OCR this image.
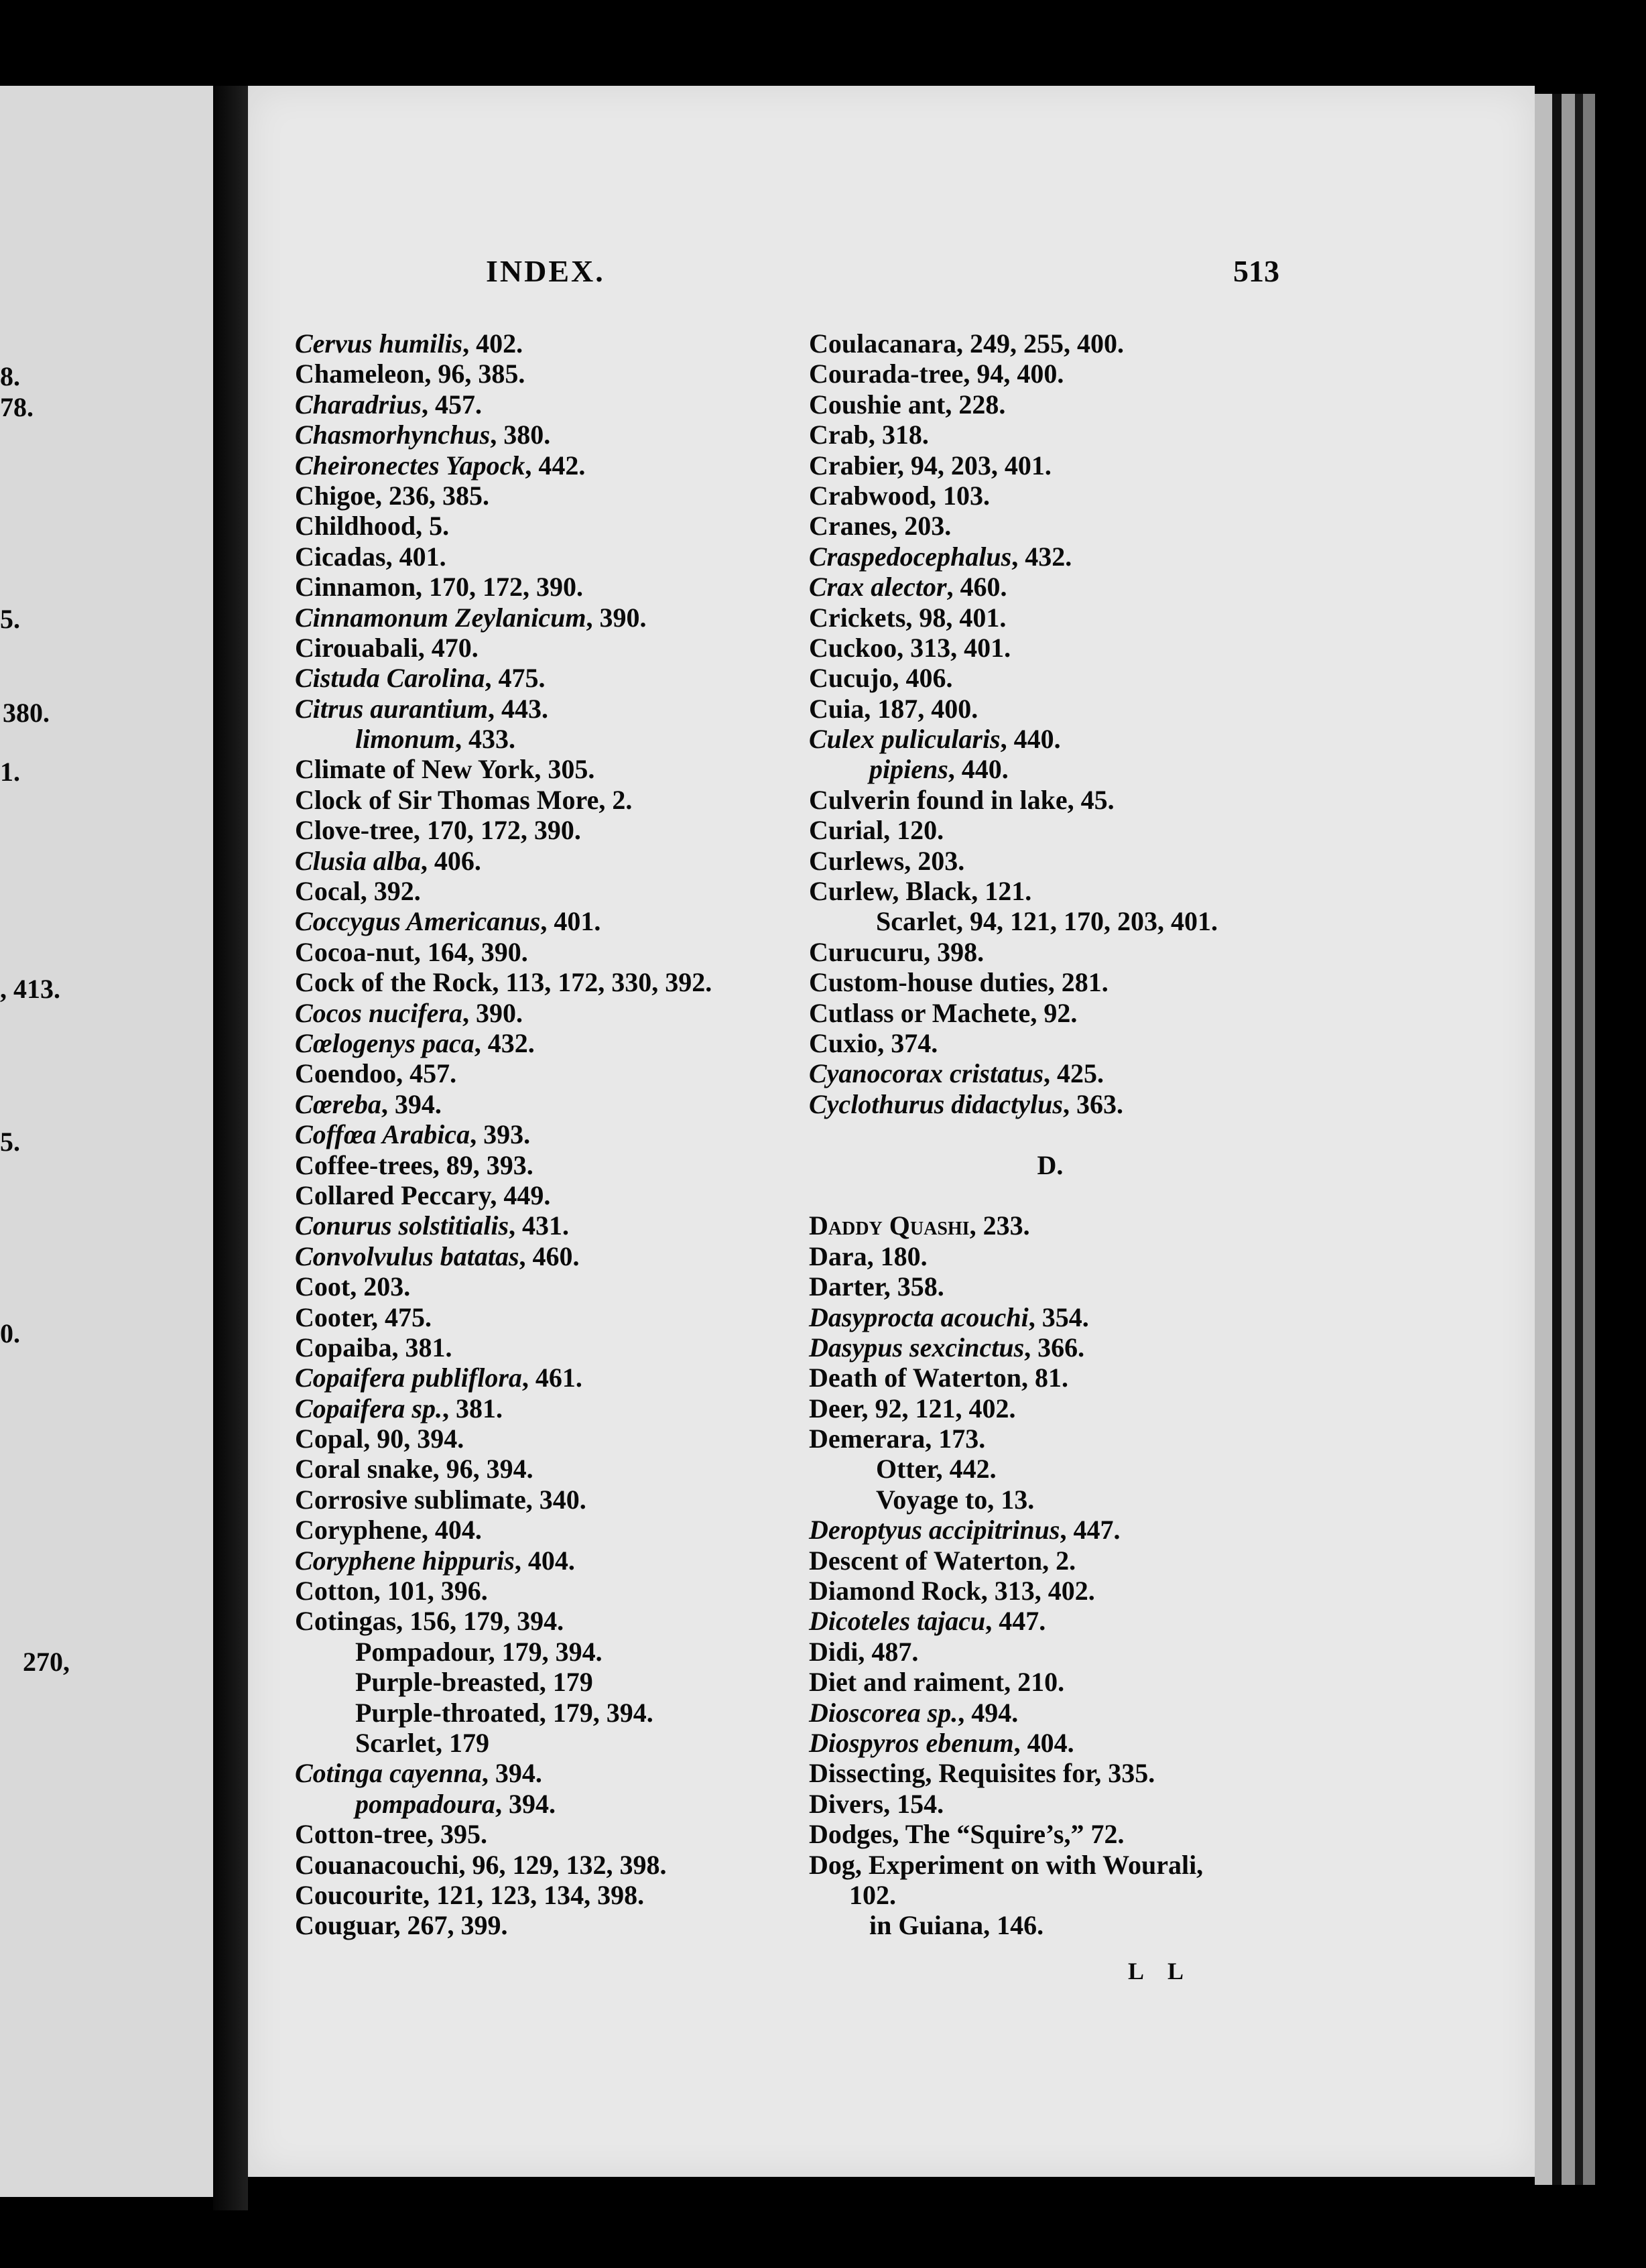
8.
78.
5.
380.
1.
, 413.
5.
0.
270,
INDEX.	513
Cervus humilis, 402.
Chameleon, 96, 385.
Charadrius, 457.
Chasmorhynchus, 380.
Cheironectes Yapock, 442.
Chigoe, 236, 385.
Childhood, 5.
Cicadas, 401.
Cinnamon, 170, 172, 390.
Cinnamonum Zeylanicum, 390.
Cirouabali, 470.
Cistuda Carolina, 475.
Citrus aurantium, 443.
limonum, 433.
Climate of New York, 305.
Clock of Sir Thomas More, 2.
Clove-tree, 170, 172, 390.
Clusia alba, 406.
Cocal, 392.
Coccygus Americanus, 401.
Cocoa-nut, 164, 390.
Cock of the Rock, 113, 172, 330, 392.
Cocos nucifera, 390.
Cœlogenys paca, 432.
Coendoo, 457.
Cœreba, 394.
Coffœa Arabica, 393.
Coffee-trees, 89, 393.
Collared Peccary, 449.
Conurus solstitialis, 431.
Convolvulus batatas, 460.
Coot, 203.
Cooter, 475.
Copaiba, 381.
Copaifera publiflora, 461.
Copaifera sp., 381.
Copal, 90, 394.
Coral snake, 96, 394.
Corrosive sublimate, 340.
Coryphene, 404.
Coryphene hippuris, 404.
Cotton, 101, 396.
Cotingas, 156, 179, 394.
Pompadour, 179, 394.
Purple-breasted, 179
Purple-throated, 179, 394.
Scarlet, 179
Cotinga cayenna, 394.
pompadoura, 394.
Cotton-tree, 395.
Couanacouchi, 96, 129, 132, 398.
Coucourite, 121, 123, 134, 398.
Couguar, 267, 399.
Coulacanara, 249, 255, 400.
Courada-tree, 94, 400.
Coushie ant, 228.
Crab, 318.
Crabier, 94, 203, 401.
Crabwood, 103.
Cranes, 203.
Craspedocephalus, 432.
Crax alector, 460.
Crickets, 98, 401.
Cuckoo, 313, 401.
Cucujo, 406.
Cuia, 187, 400.
Culex pulicularis, 440.
pipiens, 440.
Culverin found in lake, 45.
Curial, 120.
Curlews, 203.
Curlew, Black, 121.
Scarlet, 94, 121, 170, 203, 401.
Curucuru, 398.
Custom-house duties, 281.
Cutlass or Machete, 92.
Cuxio, 374.
Cyanocorax cristatus, 425.
Cyclothurus didactylus, 363.
D.
Daddy Quashi, 233.
Dara, 180.
Darter, 358.
Dasyprocta acouchi, 354.
Dasypus sexcinctus, 366.
Death of Waterton, 81.
Deer, 92, 121, 402.
Demerara, 173.
Otter, 442.
Voyage to, 13.
Deroptyus accipitrinus, 447.
Descent of Waterton, 2.
Diamond Rock, 313, 402.
Dicoteles tajacu, 447.
Didi, 487.
Diet and raiment, 210.
Dioscorea sp., 494.
Diospyros ebenum, 404.
Dissecting, Requisites for, 335.
Divers, 154.
Dodges, The “Squire’s,” 72.
Dog, Experiment on with Wourali,
102.
in Guiana, 146.
L L
